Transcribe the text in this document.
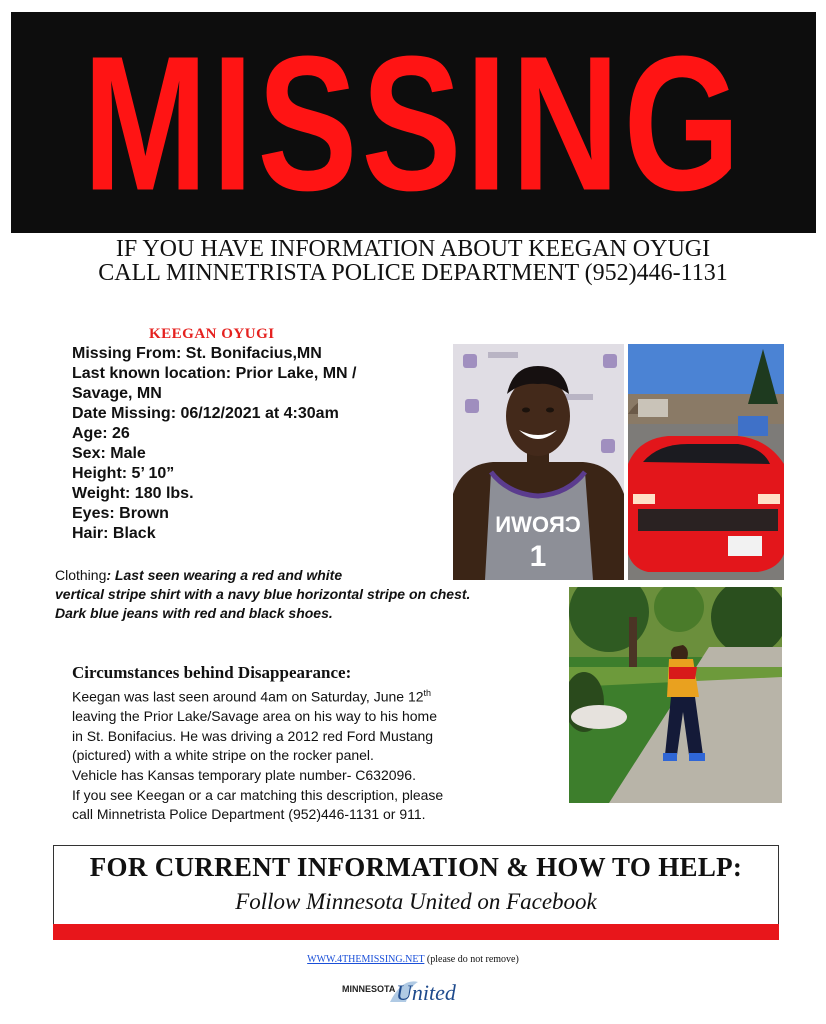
MISSING
IF YOU HAVE INFORMATION ABOUT KEEGAN OYUGI
CALL MINNETRISTA POLICE DEPARTMENT (952)446-1131
KEEGAN OYUGI
Missing From: St. Bonifacius,MN
Last known location: Prior Lake, MN /
Savage, MN
Date Missing: 06/12/2021 at 4:30am
Age: 26
Sex: Male
Height: 5’ 10”
Weight: 180 lbs.
Eyes: Brown
Hair: Black	CROWN
1
Clothing: Last seen wearing a red and white
vertical stripe shirt with a navy blue horizontal stripe on chest.
Dark blue jeans with red and black shoes.
Circumstances behind Disappearance:
Keegan was last seen around 4am on Saturday, June 12th
leaving the Prior Lake/Savage area on his way to his home
in St. Bonifacius. He was driving a 2012 red Ford Mustang
(pictured) with a white stripe on the rocker panel.
Vehicle has Kansas temporary plate number- C632096.
If you see Keegan or a car matching this description, please
call Minnetrista Police Department (952)446-1131 or 911.
FOR CURRENT INFORMATION & HOW TO HELP:
Follow Minnesota United on Facebook
WWW.4THEMISSING.NET (please do not remove)
MINNESOTA United
